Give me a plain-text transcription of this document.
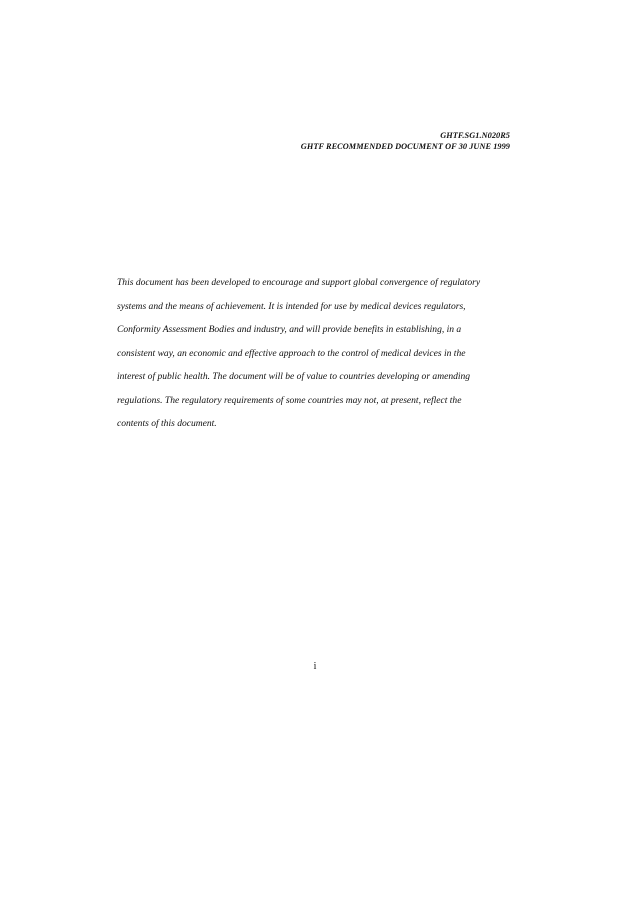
GHTF.SG1.N020R5
GHTF RECOMMENDED DOCUMENT OF 30 JUNE 1999
This document has been developed to encourage and support global convergence of regulatory
systems and the means of achievement. It is intended for use by medical devices regulators,
Conformity Assessment Bodies and industry, and will provide benefits in establishing, in a
consistent way, an economic and effective approach to the control of medical devices in the
interest of public health. The document will be of value to countries developing or amending
regulations. The regulatory requirements of some countries may not, at present, reflect the
contents of this document.
i
